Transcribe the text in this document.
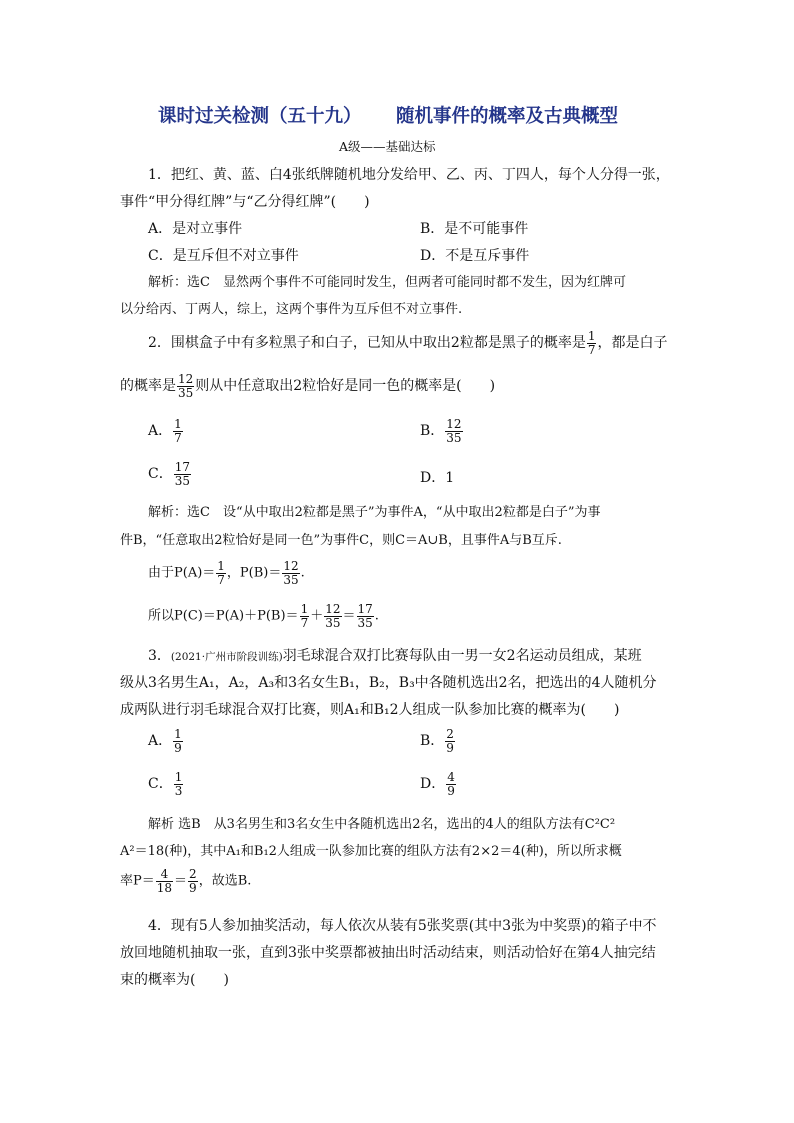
课时过关检测（五十九） 随机事件的概率及古典概型
A级——基础达标
1．把红、黄、蓝、白4张纸牌随机地分发给甲、乙、丙、丁四人，每个人分得一张，
事件“甲分得红牌”与“乙分得红牌”(　　)
A．是对立事件	B．是不可能事件
C．是互斥但不对立事件	D．不是互斥事件
解析：选C　显然两个事件不可能同时发生，但两者可能同时都不发生，因为红牌可
以分给丙、丁两人，综上，这两个事件为互斥但不对立事件.
2．围棋盒子中有多粒黑子和白子，已知从中取出2粒都是黑子的概率是 $\frac{1}{7}$ ，都是白子
的概率是 $\frac{12}{35}$ 则从中任意取出2粒恰好是同一色的概率是(　　)
A． $\frac{1}{7}$	B． $\frac{12}{35}$
C． $\frac{17}{35}$	D．1
解析：选C　设“从中取出2粒都是黑子”为事件A，“从中取出2粒都是白子”为事
件B，“任意取出2粒恰好是同一色”为事件C，则C＝A∪B，且事件A与B互斥.
由于$P(A)= \frac{1}{7}$ ，$P(B)= \frac{12}{35}$ .
所以$P(C)=P(A)+P(B)= \frac{1}{7} + \frac{12}{35} = \frac{17}{35}$ .
3．(2021·广州市阶段训练)羽毛球混合双打比赛每队由一男一女2名运动员组成，某班
级从3名男生A₁，A₂，A₃和3名女生B₁，B₂，B₃中各随机选出2名，把选出的4人随机分
成两队进行羽毛球混合双打比赛，则A₁和B₁2人组成一队参加比赛的概率为(　　)
A． $\frac{1}{9}$	B． $\frac{2}{9}$
C． $\frac{1}{3}$	D． $\frac{4}{9}$
解析 选B　从3名男生和3名女生中各随机选出2名，选出的4人的组队方法有C²C²
A²＝18(种)，其中A₁和B₁2人组成一队参加比赛的组队方法有2×2＝4(种)，所以所求概
率$P= \frac{4}{18} = \frac{2}{9}$ ，故选B.
4．现有5人参加抽奖活动，每人依次从装有5张奖票(其中3张为中奖票)的箱子中不
放回地随机抽取一张，直到3张中奖票都被抽出时活动结束，则活动恰好在第4人抽完结
束的概率为(　　)
